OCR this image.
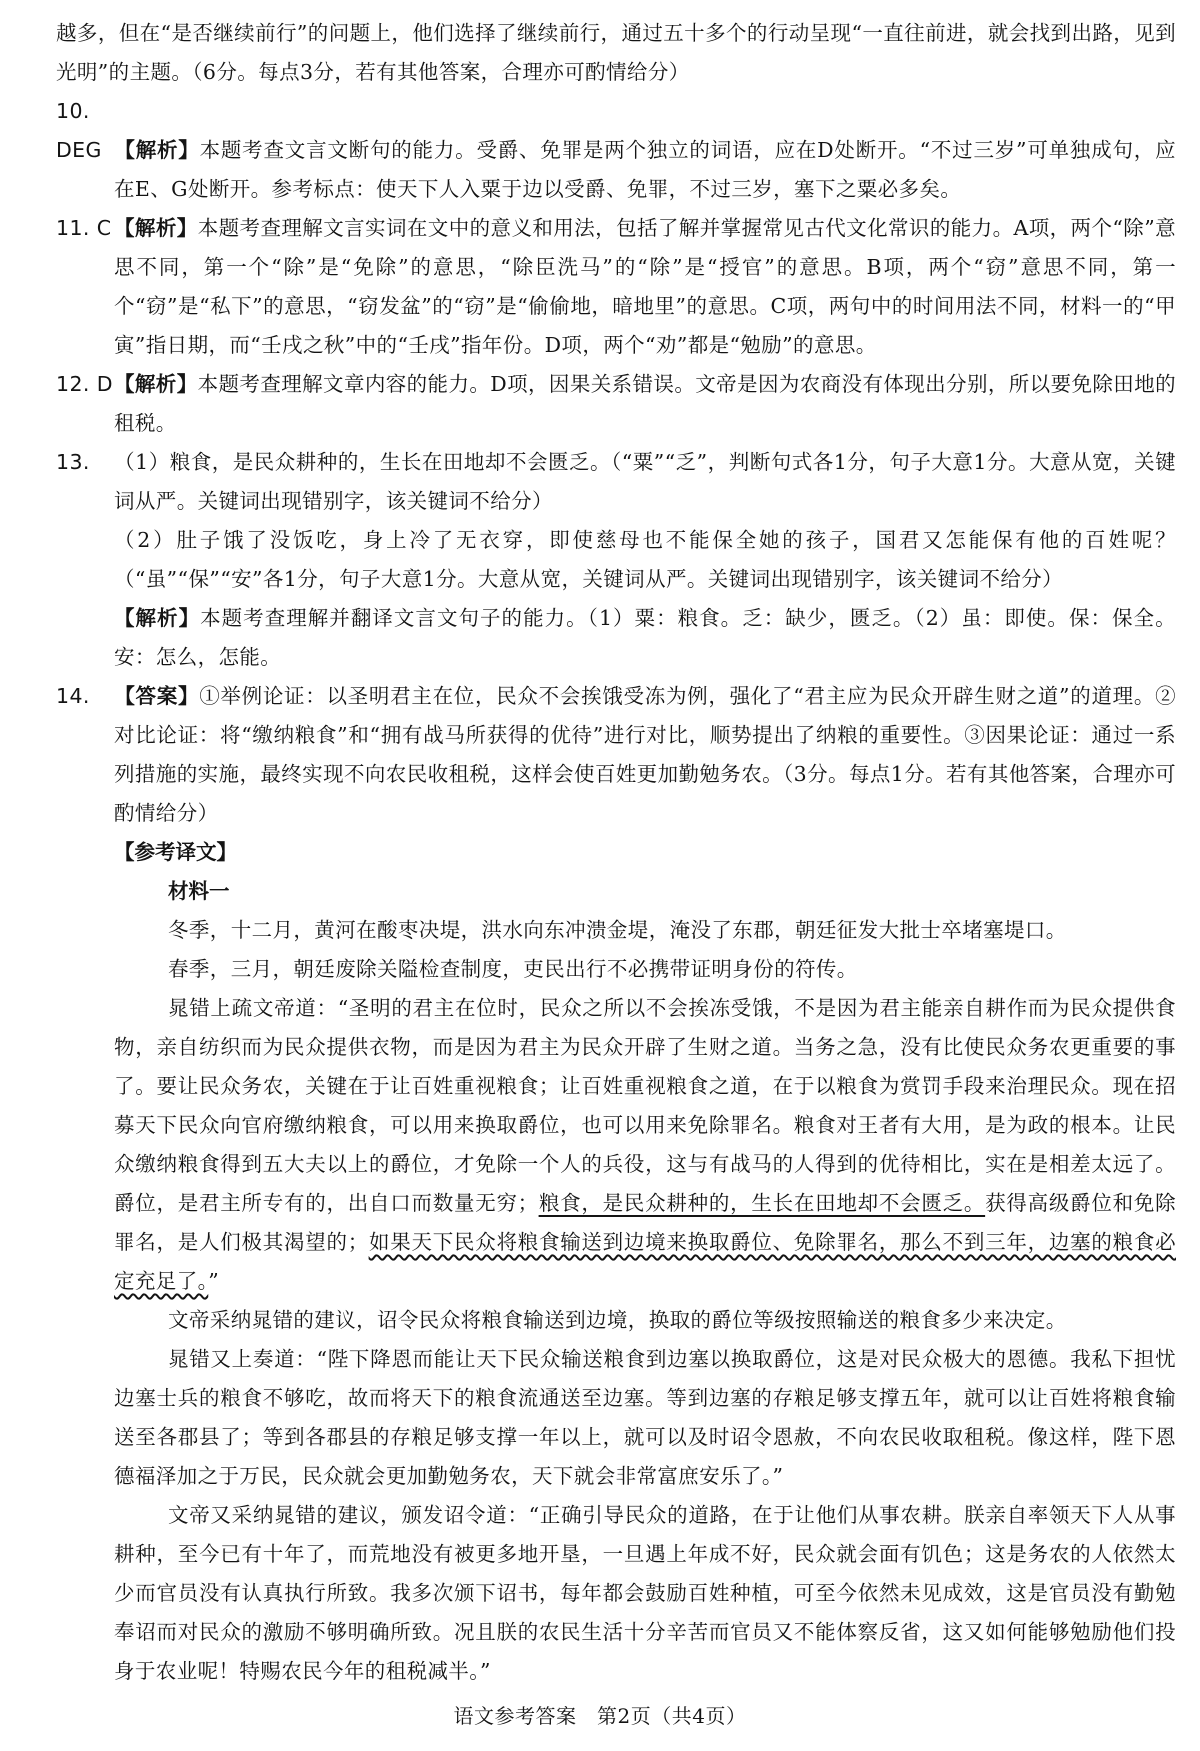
越多，但在“是否继续前行”的问题上，他们选择了继续前行，通过五十多个的行动呈现“一直往前进，就会找到出路，见到光明”的主题。（6分。每点3分，若有其他答案，合理亦可酌情给分）

10. DEG 【解析】本题考查文言文断句的能力。受爵、免罪是两个独立的词语，应在D处断开。“不过三岁”可单独成句，应在E、G处断开。参考标点：使天下人入粟于边以受爵、免罪，不过三岁，塞下之粟必多矣。

11. C 【解析】本题考查理解文言实词在文中的意义和用法，包括了解并掌握常见古代文化常识的能力。A项，两个“除”意思不同，第一个“除”是“免除”的意思，“除臣洗马”的“除”是“授官”的意思。B项，两个“窃”意思不同，第一个“窃”是“私下”的意思，“窃发盆”的“窃”是“偷偷地，暗地里”的意思。C项，两句中的时间用法不同，材料一的“甲寅”指日期，而“壬戌之秋”中的“壬戌”指年份。D项，两个“劝”都是“勉励”的意思。

12. D【解析】本题考查理解文章内容的能力。D项，因果关系错误。文帝是因为农商没有体现出分别，所以要免除田地的租税。

13. （1）粮食，是民众耕种的，生长在田地却不会匮乏。（“粟”“乏”，判断句式各1分，句子大意1分。大意从宽，关键词从严。关键词出现错别字，该关键词不给分）

（2）肚子饿了没饭吃，身上冷了无衣穿，即使慈母也不能保全她的孩子，国君又怎能保有他的百姓呢？（“虽”“保”“安”各1分，句子大意1分。大意从宽，关键词从严。关键词出现错别字，该关键词不给分）

【解析】本题考查理解并翻译文言文句子的能力。（1）粟：粮食。乏：缺少，匮乏。（2）虽：即使。保：保全。安：怎么，怎能。

14. 【答案】①举例论证：以圣明君主在位，民众不会挨饿受冻为例，强化了“君主应为民众开辟生财之道”的道理。②对比论证：将“缴纳粮食”和“拥有战马所获得的优待”进行对比，顺势提出了纳粮的重要性。③因果论证：通过一系列措施的实施，最终实现不向农民收租税，这样会使百姓更加勤勉务农。（3分。每点1分。若有其他答案，合理亦可酌情给分）

【参考译文】

材料一

冬季，十二月，黄河在酸枣决堤，洪水向东冲溃金堤，淹没了东郡，朝廷征发大批士卒堵塞堤口。

春季，三月，朝廷废除关隘检查制度，吏民出行不必携带证明身份的符传。

晁错上疏文帝道：“圣明的君主在位时，民众之所以不会挨冻受饿，不是因为君主能亲自耕作而为民众提供食物，亲自纺织而为民众提供衣物，而是因为君主为民众开辟了生财之道。当务之急，没有比使民众务农更重要的事了。要让民众务农，关键在于让百姓重视粮食；让百姓重视粮食之道，在于以粮食为赏罚手段来治理民众。现在招募天下民众向官府缴纳粮食，可以用来换取爵位，也可以用来免除罪名。粮食对王者有大用，是为政的根本。让民众缴纳粮食得到五大夫以上的爵位，才免除一个人的兵役，这与有战马的人得到的优待相比，实在是相差太远了。爵位，是君主所专有的，出自口而数量无穷；粮食，是民众耕种的，生长在田地却不会匮乏。获得高级爵位和免除罪名，是人们极其渴望的；如果天下民众将粮食输送到边境来换取爵位、免除罪名，那么不到三年，边塞的粮食必定充足了。”

文帝采纳晁错的建议，诏令民众将粮食输送到边境，换取的爵位等级按照输送的粮食多少来决定。

晁错又上奏道：“陛下降恩而能让天下民众输送粮食到边塞以换取爵位，这是对民众极大的恩德。我私下担忧边塞士兵的粮食不够吃，故而将天下的粮食流通送至边塞。等到边塞的存粮足够支撑五年，就可以让百姓将粮食输送至各郡县了；等到各郡县的存粮足够支撑一年以上，就可以及时诏令恩赦，不向农民收取租税。像这样，陛下恩德福泽加之于万民，民众就会更加勤勉务农，天下就会非常富庶安乐了。”

文帝又采纳晁错的建议，颁发诏令道：“正确引导民众的道路，在于让他们从事农耕。朕亲自率领天下人从事耕种，至今已有十年了，而荒地没有被更多地开垦，一旦遇上年成不好，民众就会面有饥色；这是务农的人依然太少而官员没有认真执行所致。我多次颁下诏书，每年都会鼓励百姓种植，可至今依然未见成效，这是官员没有勤勉奉诏而对民众的激励不够明确所致。况且朕的农民生活十分辛苦而官员又不能体察反省，这又如何能够勉励他们投身于农业呢！特赐农民今年的租税减半。”

语文参考答案　第2页（共4页）
